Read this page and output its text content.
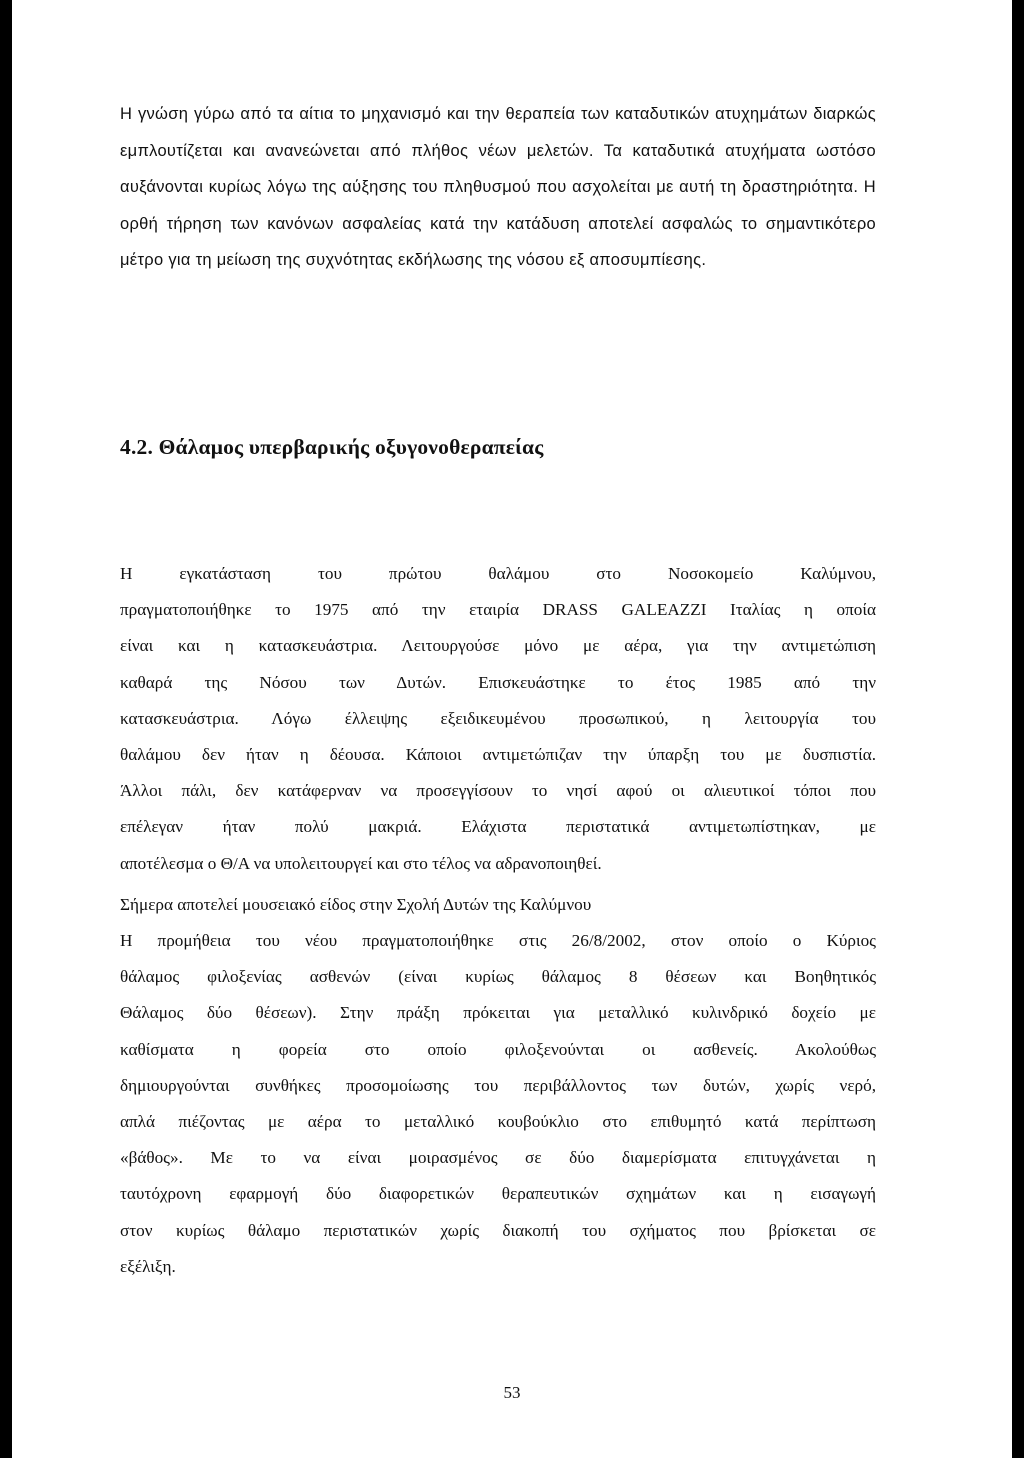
Η γνώση γύρω από τα αίτια το μηχανισμό και την θεραπεία των καταδυτικών ατυχημάτων διαρκώς εμπλουτίζεται και ανανεώνεται από πλήθος νέων μελετών. Τα καταδυτικά ατυχήματα ωστόσο αυξάνονται κυρίως λόγω της αύξησης του πληθυσμού που ασχολείται με αυτή τη δραστηριότητα. Η ορθή τήρηση των κανόνων ασφαλείας κατά την κατάδυση αποτελεί ασφαλώς το σημαντικότερο μέτρο για τη μείωση της συχνότητας εκδήλωσης της νόσου εξ αποσυμπίεσης.

4.2. Θάλαμος υπερβαρικής οξυγονοθεραπείας
Η εγκατάσταση του πρώτου θαλάμου στο Νοσοκομείο Καλύμνου,
πραγματοποιήθηκε το 1975 από την εταιρία DRASS GALEAZZI Ιταλίας η οποία
είναι και η κατασκευάστρια. Λειτουργούσε μόνο με αέρα, για την αντιμετώπιση
καθαρά της Νόσου των Δυτών. Επισκευάστηκε το έτος 1985 από την
κατασκευάστρια. Λόγω έλλειψης εξειδικευμένου προσωπικού, η λειτουργία του
θαλάμου δεν ήταν η δέουσα. Κάποιοι αντιμετώπιζαν την ύπαρξη του με δυσπιστία.
Άλλοι πάλι, δεν κατάφερναν να προσεγγίσουν το νησί αφού οι αλιευτικοί τόποι που
επέλεγαν ήταν πολύ μακριά. Ελάχιστα περιστατικά αντιμετωπίστηκαν, με
αποτέλεσμα ο Θ/Α να υπολειτουργεί και στο τέλος να αδρανοποιηθεί.
Σήμερα αποτελεί μουσειακό είδος στην Σχολή Δυτών της Καλύμνου
Η προμήθεια του νέου πραγματοποιήθηκε στις 26/8/2002, στον οποίο ο Κύριος
θάλαμος φιλοξενίας ασθενών (είναι κυρίως θάλαμος 8 θέσεων και Βοηθητικός
Θάλαμος δύο θέσεων). Στην πράξη πρόκειται για μεταλλικό κυλινδρικό δοχείο με
καθίσματα η φορεία στο οποίο φιλοξενούνται οι ασθενείς. Ακολούθως
δημιουργούνται συνθήκες προσομοίωσης του περιβάλλοντος των δυτών, χωρίς νερό,
απλά πιέζοντας με αέρα το μεταλλικό κουβούκλιο στο επιθυμητό κατά περίπτωση
«βάθος». Με το να είναι μοιρασμένος σε δύο διαμερίσματα επιτυγχάνεται η
ταυτόχρονη εφαρμογή δύο διαφορετικών θεραπευτικών σχημάτων και η εισαγωγή
στον κυρίως θάλαμο περιστατικών χωρίς διακοπή του σχήματος που βρίσκεται σε
εξέλιξη.
53
